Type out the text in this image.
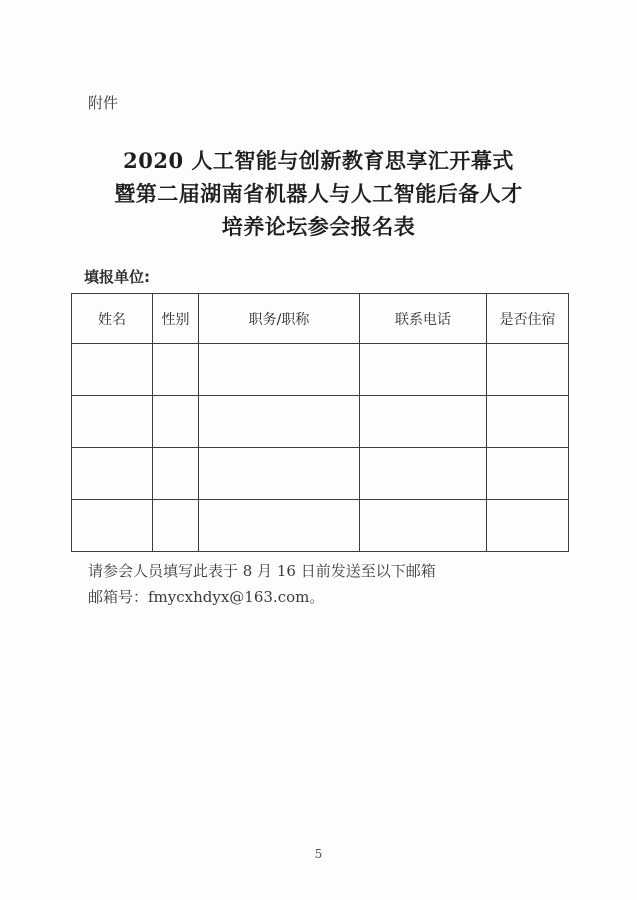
附件
2020 人工智能与创新教育思享汇开幕式
暨第二届湖南省机器人与人工智能后备人才
培养论坛参会报名表
填报单位:
姓名	性别	职务/职称	联系电话	是否住宿

请参会人员填写此表于 8 月 16 日前发送至以下邮箱
邮箱号：fmycxhdyx@163.com。
5
